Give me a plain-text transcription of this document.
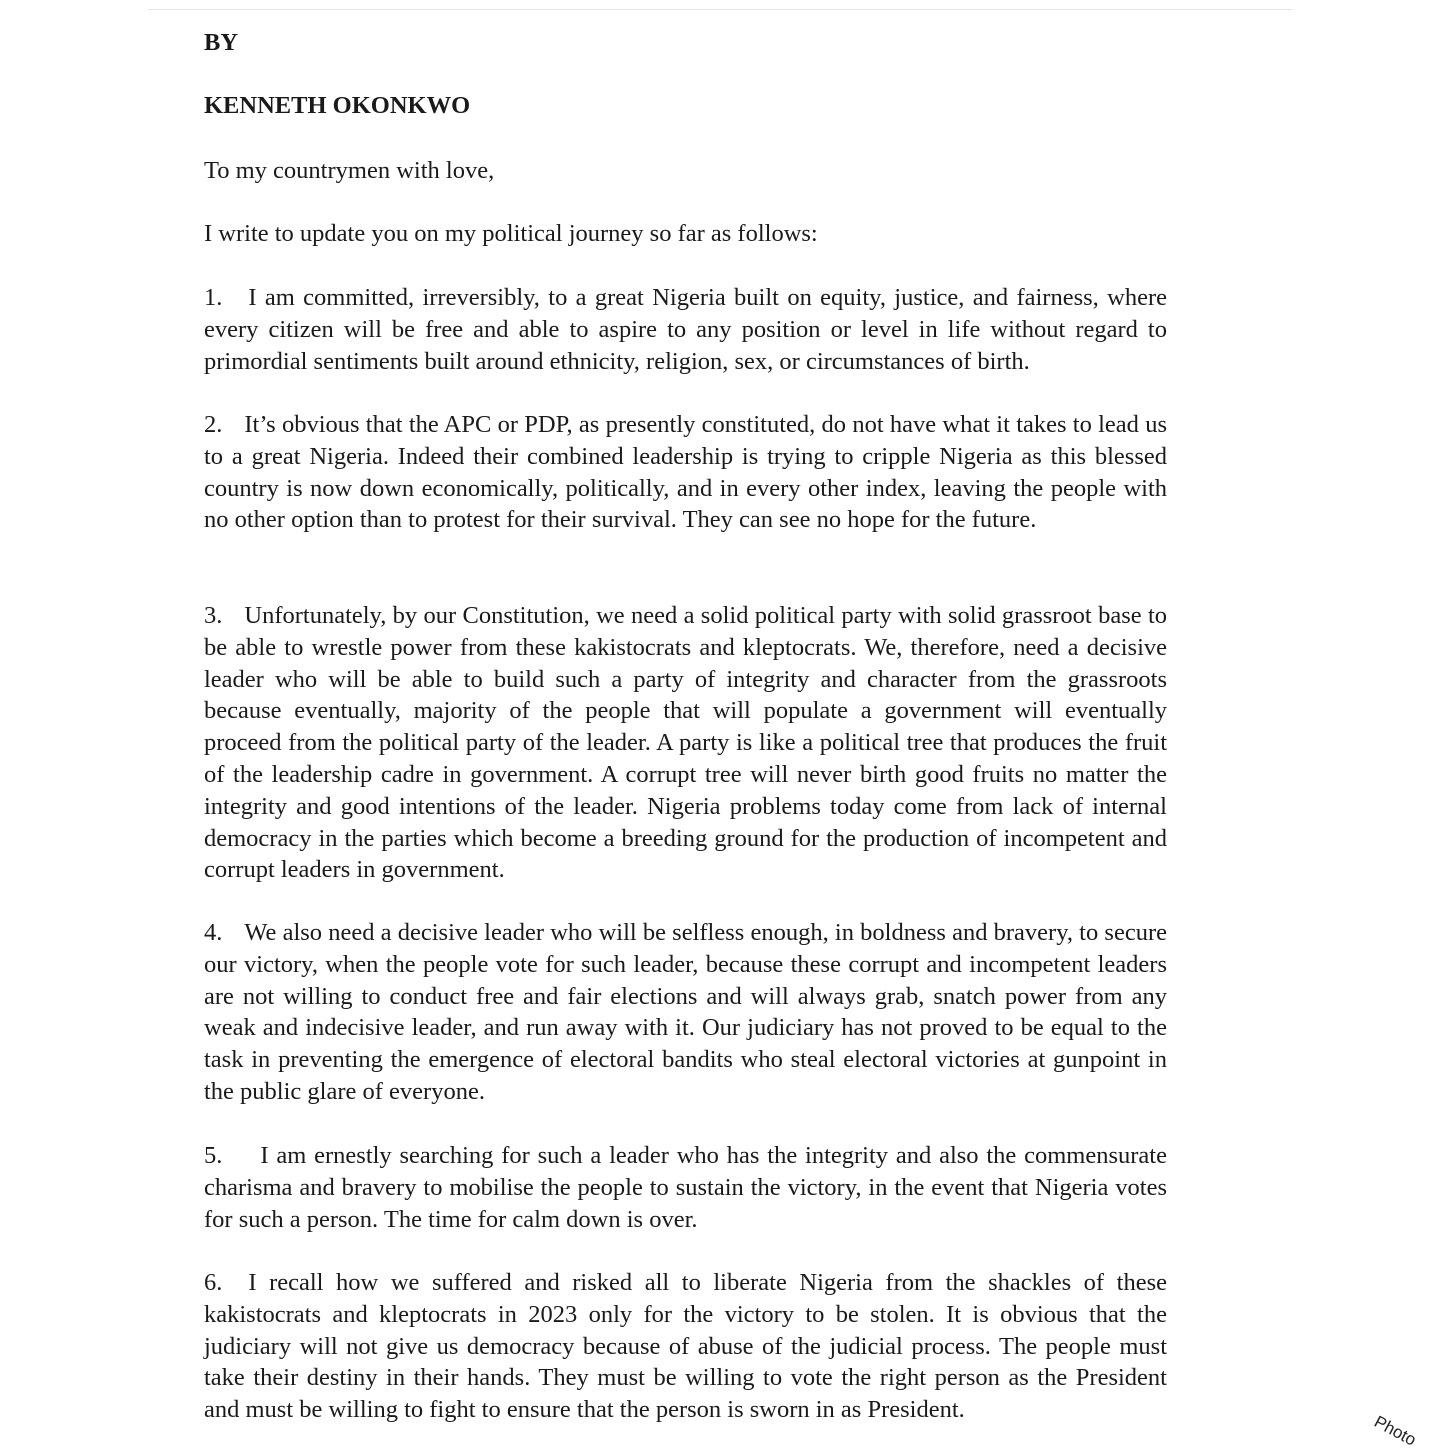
BY

KENNETH OKONKWO

To my countrymen with love,

I write to update you on my political journey so far as follows:

1. I am committed, irreversibly, to a great Nigeria built on equity, justice, and fairness, where every citizen will be free and able to aspire to any position or level in life without regard to primordial sentiments built around ethnicity, religion, sex, or circumstances of birth.

2. It’s obvious that the APC or PDP, as presently constituted, do not have what it takes to lead us to a great Nigeria. Indeed their combined leadership is trying to cripple Nigeria as this blessed country is now down economically, politically, and in every other index, leaving the people with no other option than to protest for their survival. They can see no hope for the future.

3. Unfortunately, by our Constitution, we need a solid political party with solid grassroot base to be able to wrestle power from these kakistocrats and kleptocrats. We, therefore, need a decisive leader who will be able to build such a party of integrity and character from the grassroots because eventually, majority of the people that will populate a government will eventually proceed from the political party of the leader. A party is like a political tree that produces the fruit of the leadership cadre in government. A corrupt tree will never birth good fruits no matter the integrity and good intentions of the leader. Nigeria problems today come from lack of internal democracy in the parties which become a breeding ground for the production of incompetent and corrupt leaders in government.

4. We also need a decisive leader who will be selfless enough, in boldness and bravery, to secure our victory, when the people vote for such leader, because these corrupt and incompetent leaders are not willing to conduct free and fair elections and will always grab, snatch power from any weak and indecisive leader, and run away with it. Our judiciary has not proved to be equal to the task in preventing the emergence of electoral bandits who steal electoral victories at gunpoint in the public glare of everyone.

5. I am ernestly searching for such a leader who has the integrity and also the commensurate charisma and bravery to mobilise the people to sustain the victory, in the event that Nigeria votes for such a person. The time for calm down is over.

6. I recall how we suffered and risked all to liberate Nigeria from the shackles of these kakistocrats and kleptocrats in 2023 only for the victory to be stolen. It is obvious that the judiciary will not give us democracy because of abuse of the judicial process. The people must take their destiny in their hands. They must be willing to vote the right person as the President and must be willing to fight to ensure that the person is sworn in as President.

Photo
